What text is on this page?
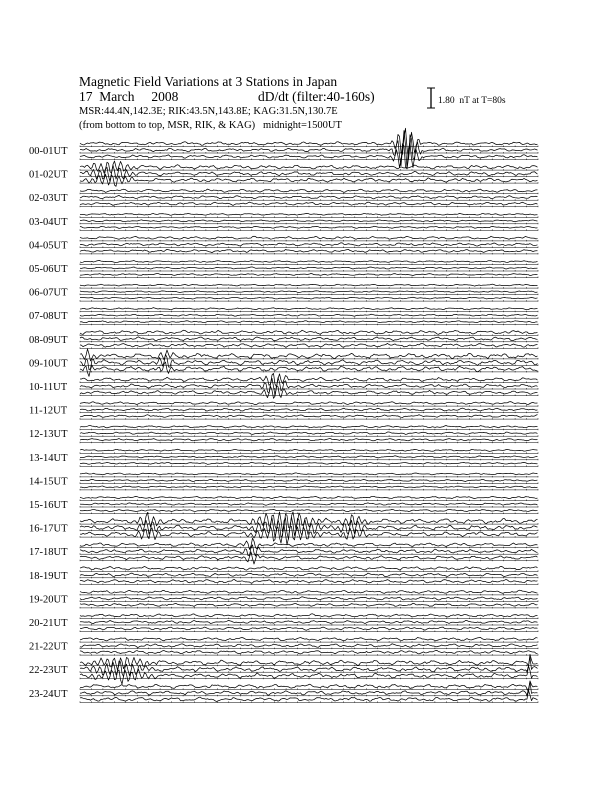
Magnetic Field Variations at 3 Stations in Japan
17  March     2008	dD/dt (filter:40-160s)
MSR:44.4N,142.3E; RIK:43.5N,143.8E; KAG:31.5N,130.7E
(from bottom to top, MSR, RIK, & KAG)   midnight=1500UT
1.80  nT at T=80s
00-01UT
01-02UT
02-03UT
03-04UT
04-05UT
05-06UT
06-07UT
07-08UT
08-09UT
09-10UT
10-11UT
11-12UT
12-13UT
13-14UT
14-15UT
15-16UT
16-17UT
17-18UT
18-19UT
19-20UT
20-21UT
21-22UT
22-23UT
23-24UT
